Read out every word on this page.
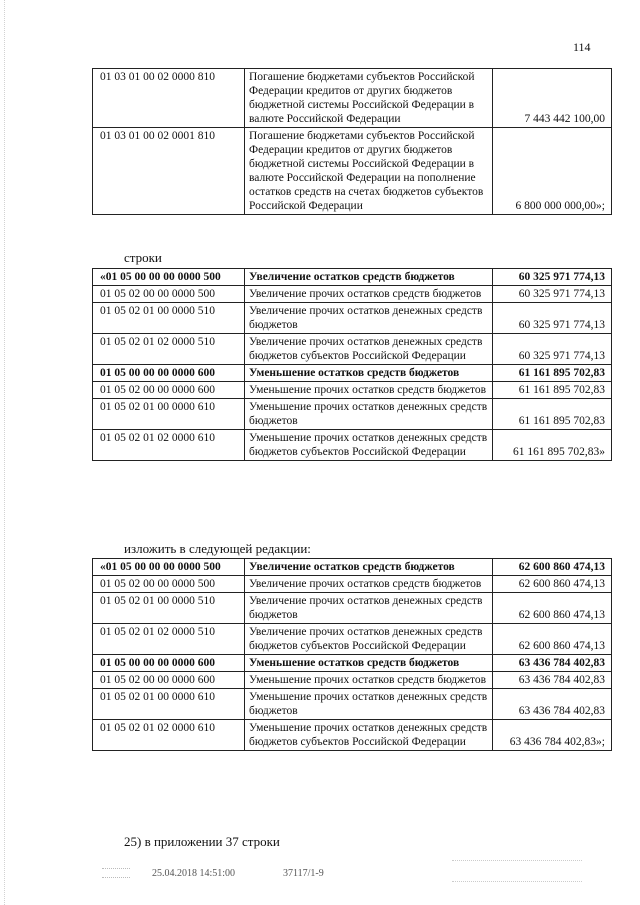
114
01 03 01 00 02 0000 810	Погашение бюджетами субъектов Российской Федерации кредитов от других бюджетов бюджетной системы Российской Федерации в валюте Российской Федерации	7 443 442 100,00
01 03 01 00 02 0001 810	Погашение бюджетами субъектов Российской Федерации кредитов от других бюджетов бюджетной системы Российской Федерации в валюте Российской Федерации на пополнение остатков средств на счетах бюджетов субъектов Российской Федерации	6 800 000 000,00»;
строки
«01 05 00 00 00 0000 500	Увеличение остатков средств бюджетов	60 325 971 774,13
01 05 02 00 00 0000 500	Увеличение прочих остатков средств бюджетов	60 325 971 774,13
01 05 02 01 00 0000 510	Увеличение прочих остатков денежных средств бюджетов	60 325 971 774,13
01 05 02 01 02 0000 510	Увеличение прочих остатков денежных средств бюджетов субъектов Российской Федерации	60 325 971 774,13
01 05 00 00 00 0000 600	Уменьшение остатков средств бюджетов	61 161 895 702,83
01 05 02 00 00 0000 600	Уменьшение прочих остатков средств бюджетов	61 161 895 702,83
01 05 02 01 00 0000 610	Уменьшение прочих остатков денежных средств бюджетов	61 161 895 702,83
01 05 02 01 02 0000 610	Уменьшение прочих остатков денежных средств бюджетов субъектов Российской Федерации	61 161 895 702,83»
изложить в следующей редакции:
«01 05 00 00 00 0000 500	Увеличение остатков средств бюджетов	62 600 860 474,13
01 05 02 00 00 0000 500	Увеличение прочих остатков средств бюджетов	62 600 860 474,13
01 05 02 01 00 0000 510	Увеличение прочих остатков денежных средств бюджетов	62 600 860 474,13
01 05 02 01 02 0000 510	Увеличение прочих остатков денежных средств бюджетов субъектов Российской Федерации	62 600 860 474,13
01 05 00 00 00 0000 600	Уменьшение остатков средств бюджетов	63 436 784 402,83
01 05 02 00 00 0000 600	Уменьшение прочих остатков средств бюджетов	63 436 784 402,83
01 05 02 01 00 0000 610	Уменьшение прочих остатков денежных средств бюджетов	63 436 784 402,83
01 05 02 01 02 0000 610	Уменьшение прочих остатков денежных средств бюджетов субъектов Российской Федерации	63 436 784 402,83»;
25) в приложении 37 строки
25.04.2018 14:51:00	37117/1-9
